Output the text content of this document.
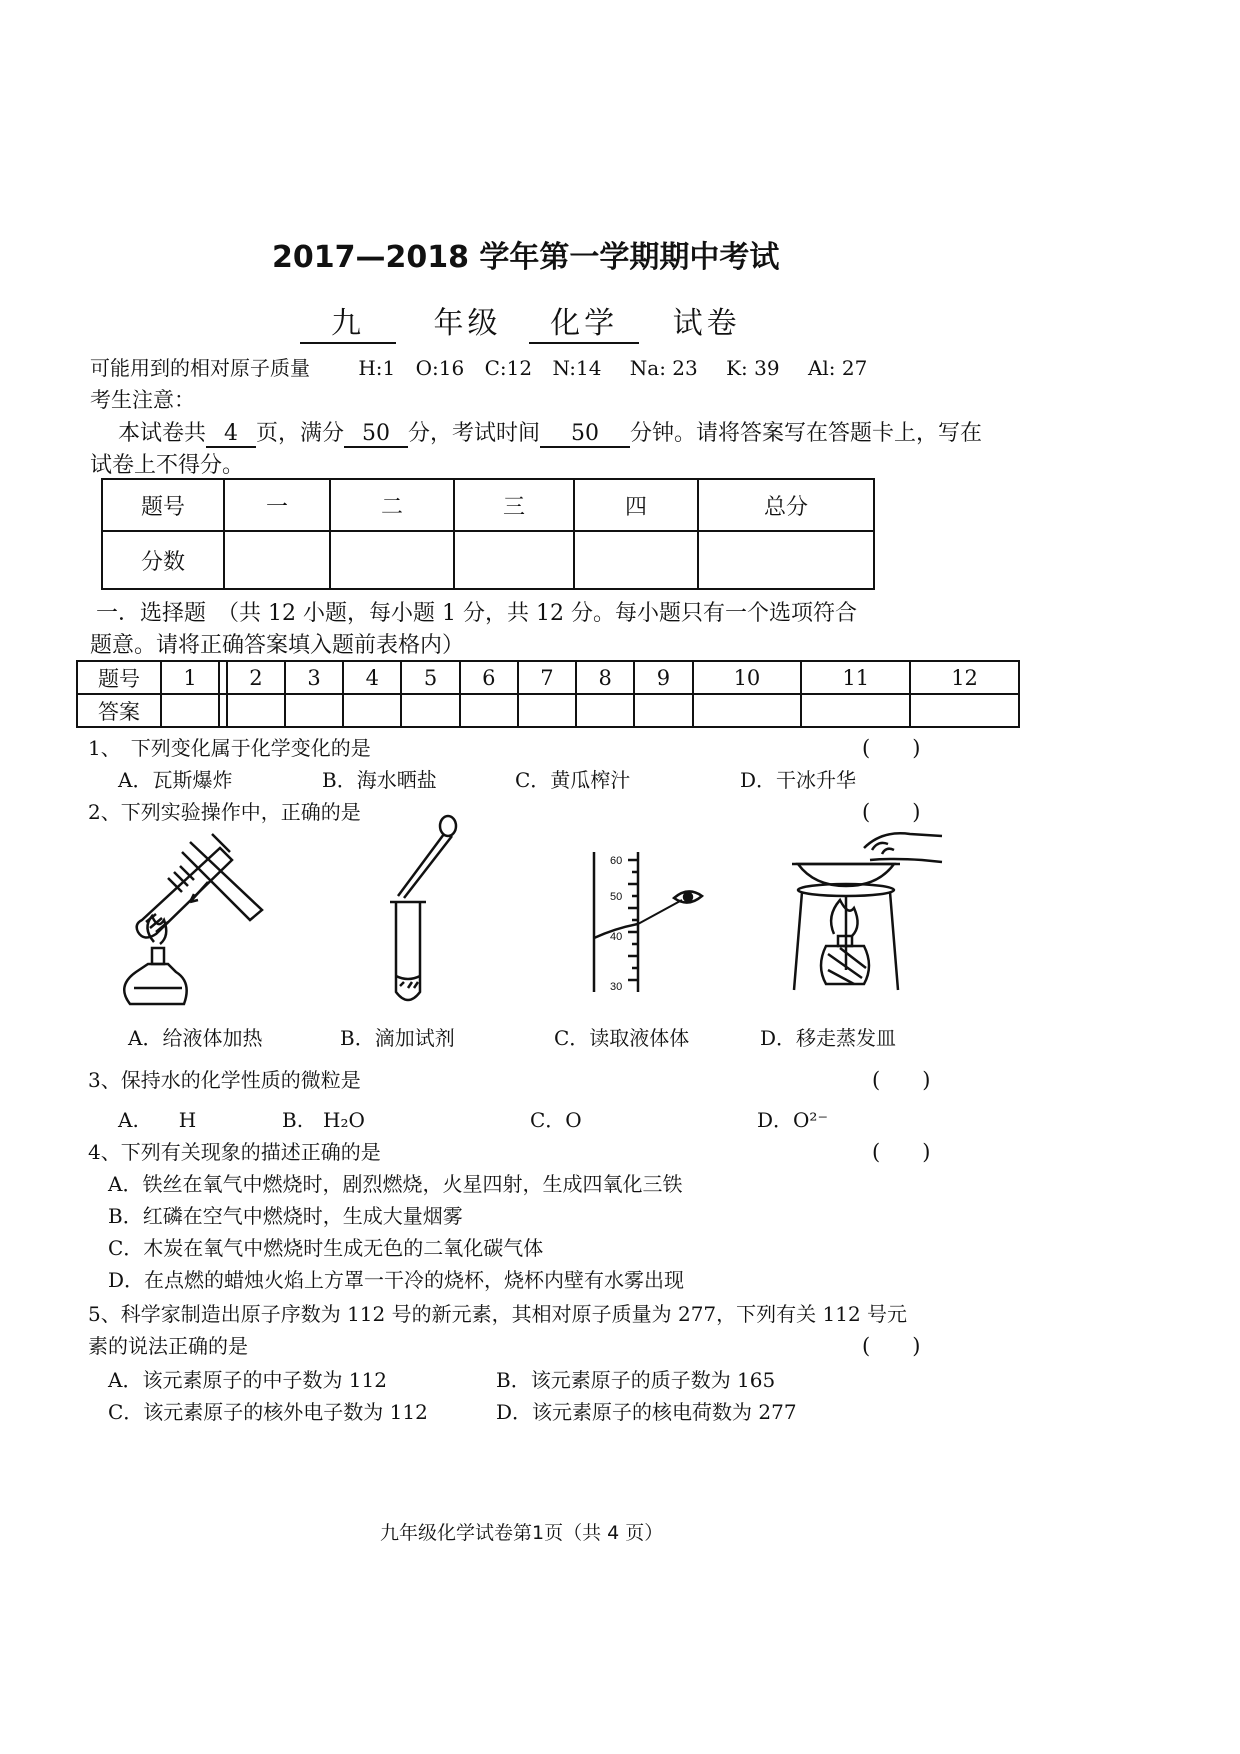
2017—2018 学年第一学期期中考试
九 年级 化学 试卷
可能用到的相对原子质量 H:1 O:16 C:12 N:14 Na: 23 K: 39 Al: 27
考生注意：
本试卷共 4 页，满分 50 分，考试时间 50 分钟。请将答案写在答题卡上，写在
试卷上不得分。
题号	一	二	三	四	总分
分数					
一．选择题　（共 12 小题，每小题 1 分，共 12 分。每小题只有一个选项符合
题意。请将正确答案填入题前表格内）
题号	1		2	3	4	5	6	7	8	9	10	11	12
答案													
1、　下列变化属于化学变化的是	(　　)
A．瓦斯爆炸	B．海水晒盐	C．黄瓜榨汁	D．干冰升华
2、下列实验操作中，正确的是	(　　)
60
50
40
30
A．给液体加热	B．滴加试剂	C．读取液体体	D．移走蒸发皿
3、保持水的化学性质的微粒是	(　　)
A.　　H	B.　H₂O	C．O	D．O²⁻
4、下列有关现象的描述正确的是	(　　)
A．铁丝在氧气中燃烧时，剧烈燃烧，火星四射，生成四氧化三铁
B．红磷在空气中燃烧时，生成大量烟雾
C．木炭在氧气中燃烧时生成无色的二氧化碳气体
D．在点燃的蜡烛火焰上方罩一干冷的烧杯，烧杯内壁有水雾出现
5、科学家制造出原子序数为 112 号的新元素，其相对原子质量为 277，下列有关 112 号元
素的说法正确的是	(　　)
A．该元素原子的中子数为 112	B．该元素原子的质子数为 165
C．该元素原子的核外电子数为 112	D．该元素原子的核电荷数为 277
九年级化学试卷第1页（共 4 页）
